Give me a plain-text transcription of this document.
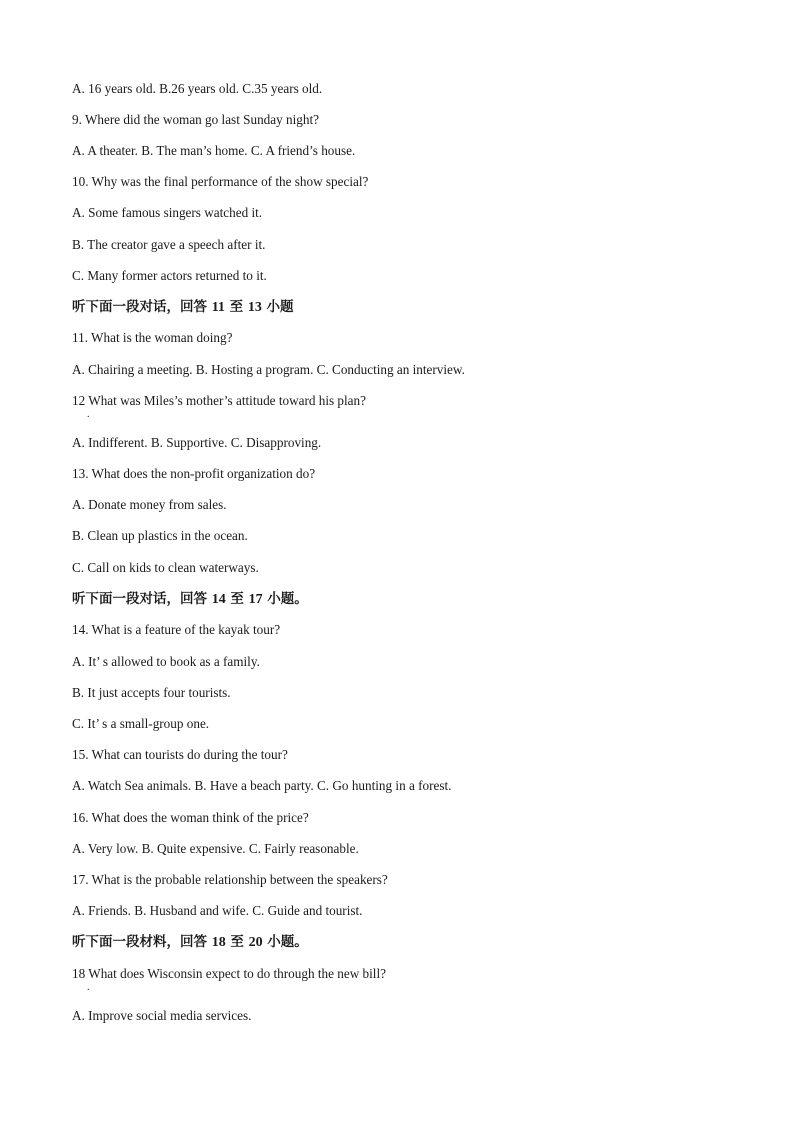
A. 16 years old. B.26 years old. C.35 years old.
9. Where did the woman go last Sunday night?
A. A theater. B. The man’s home. C. A friend’s house.
10. Why was the final performance of the show special?
A. Some famous singers watched it.
B. The creator gave a speech after it.
C. Many former actors returned to it.
听下面一段对话，回答 11 至 13 小题
11. What is the woman doing?
A. Chairing a meeting. B. Hosting a program. C. Conducting an interview.
12 What was Miles’s mother’s attitude toward his plan?
.
A. Indifferent. B. Supportive. C. Disapproving.
13. What does the non-profit organization do?
A. Donate money from sales.
B. Clean up plastics in the ocean.
C. Call on kids to clean waterways.
听下面一段对话，回答 14 至 17 小题。
14. What is a feature of the kayak tour?
A. It’ s allowed to book as a family.
B. It just accepts four tourists.
C. It’ s a small-group one.
15. What can tourists do during the tour?
A. Watch Sea animals. B. Have a beach party. C. Go hunting in a forest.
16. What does the woman think of the price?
A. Very low. B. Quite expensive. C. Fairly reasonable.
17. What is the probable relationship between the speakers?
A. Friends. B. Husband and wife. C. Guide and tourist.
听下面一段材料，回答 18 至 20 小题。
18 What does Wisconsin expect to do through the new bill?
.
A. Improve social media services.
